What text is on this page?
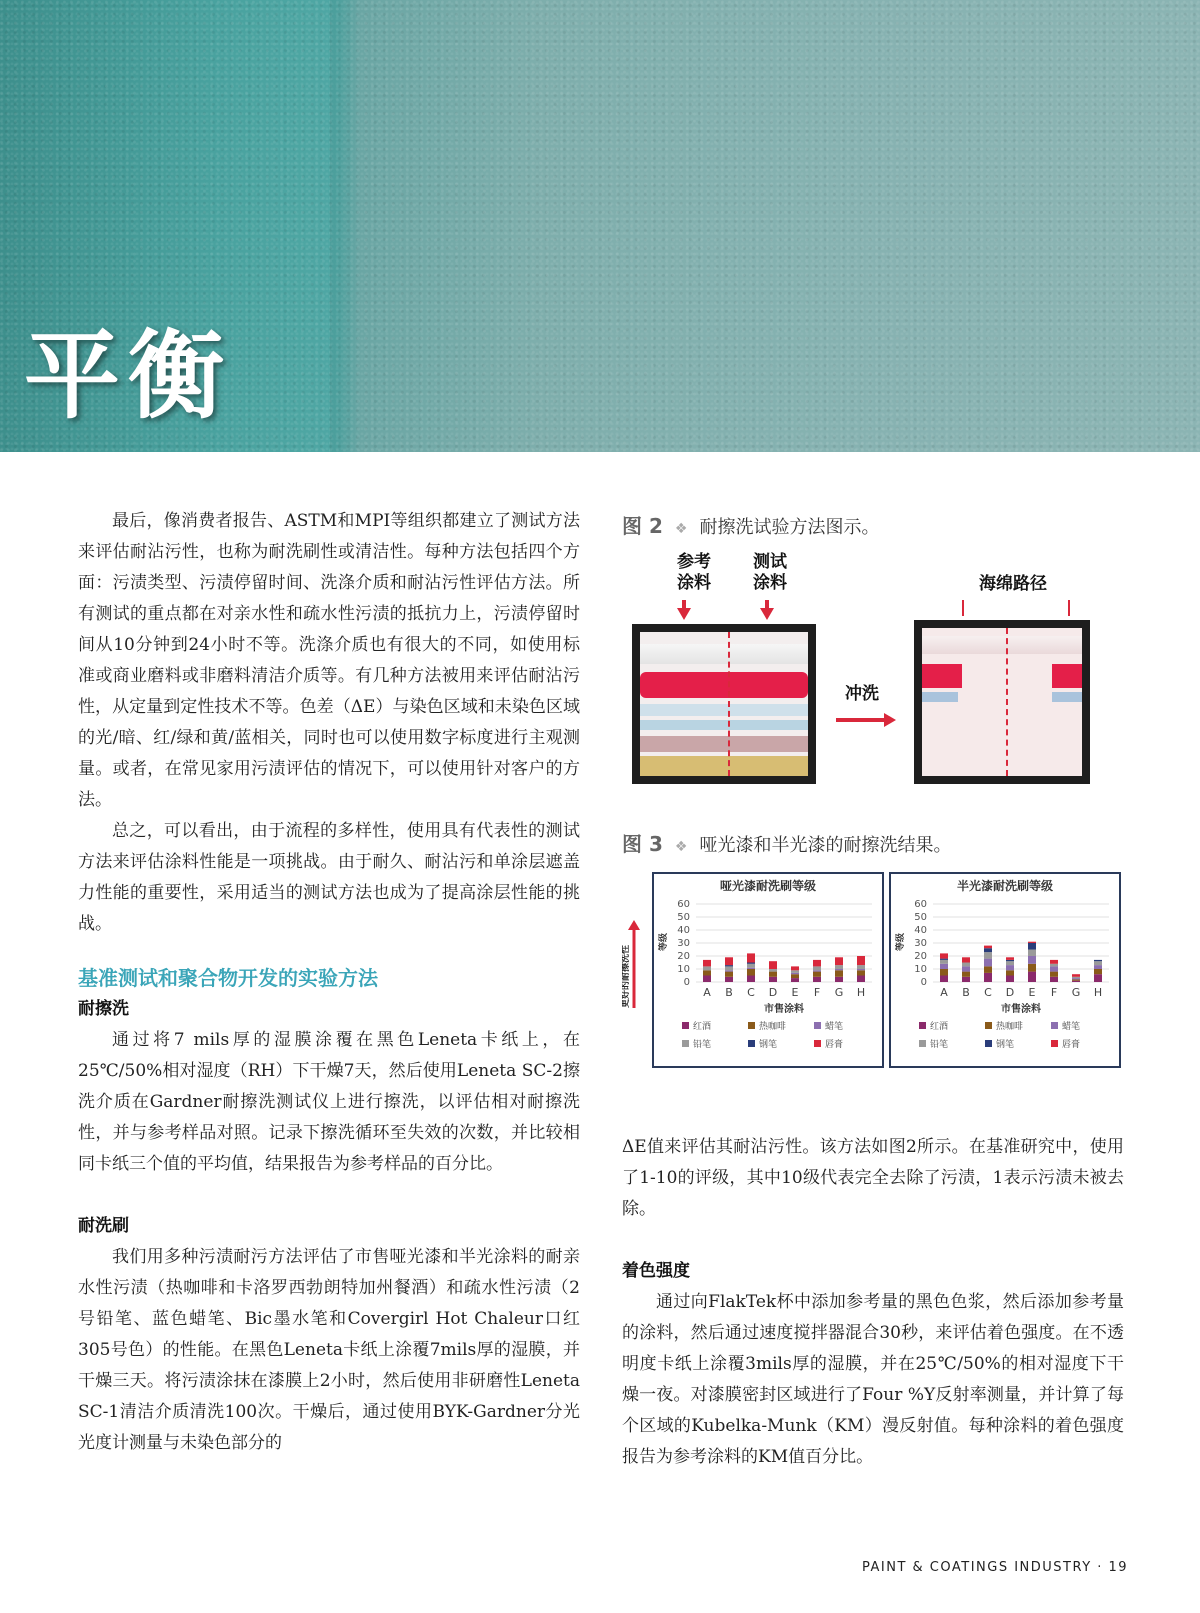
平衡

最后，像消费者报告、ASTM和MPI等组织都建立了测试方法来评估耐沾污性，也称为耐洗刷性或清洁性。每种方法包括四个方面：污渍类型、污渍停留时间、洗涤介质和耐沾污性评估方法。所有测试的重点都在对亲水性和疏水性污渍的抵抗力上，污渍停留时间从10分钟到24小时不等。洗涤介质也有很大的不同，如使用标准或商业磨料或非磨料清洁介质等。有几种方法被用来评估耐沾污性，从定量到定性技术不等。色差（ΔE）与染色区域和未染色区域的光/暗、红/绿和黄/蓝相关，同时也可以使用数字标度进行主观测量。或者，在常见家用污渍评估的情况下，可以使用针对客户的方法。

总之，可以看出，由于流程的多样性，使用具有代表性的测试方法来评估涂料性能是一项挑战。由于耐久、耐沾污和单涂层遮盖力性能的重要性，采用适当的测试方法也成为了提高涂层性能的挑战。

基准测试和聚合物开发的实验方法
耐擦洗

通过将7 mils厚的湿膜涂覆在黑色Leneta卡纸上，在25℃/50%相对湿度（RH）下干燥7天，然后使用Leneta SC-2擦洗介质在Gardner耐擦洗测试仪上进行擦洗，以评估相对耐擦洗性，并与参考样品对照。记录下擦洗循环至失效的次数，并比较相同卡纸三个值的平均值，结果报告为参考样品的百分比。

耐洗刷

我们用多种污渍耐污方法评估了市售哑光漆和半光涂料的耐亲水性污渍（热咖啡和卡洛罗西勃朗特加州餐酒）和疏水性污渍（2号铅笔、蓝色蜡笔、Bic墨水笔和Covergirl Hot Chaleur口红305号色）的性能。在黑色Leneta卡纸上涂覆7mils厚的湿膜，并干燥三天。将污渍涂抹在漆膜上2小时，然后使用非研磨性Leneta SC-1清洁介质清洗100次。干燥后，通过使用BYK-Gardner分光光度计测量与未染色部分的

图 2 ❖ 耐擦洗试验方法图示。
参考
涂料
测试
涂料
冲洗
海绵路径
图 3 ❖ 哑光漆和半光漆的耐擦洗结果。
更好的耐擦洗性
哑光漆耐洗刷等级
0
10
20
30
40
50
60
等级
A B C D E F G H
市售涂料
红酒	热咖啡	蜡笔
铅笔	钢笔	唇膏
半光漆耐洗刷等级
0
10
20
30
40
50
60
等级
A B C D E F G H
市售涂料
红酒	热咖啡	蜡笔
铅笔	钢笔	唇膏

ΔE值来评估其耐沾污性。该方法如图2所示。在基准研究中，使用了1-10的评级，其中10级代表完全去除了污渍，1表示污渍未被去除。

着色强度

通过向FlakTek杯中添加参考量的黑色色浆，然后添加参考量的涂料，然后通过速度搅拌器混合30秒，来评估着色强度。在不透明度卡纸上涂覆3mils厚的湿膜，并在25℃/50%的相对湿度下干燥一夜。对漆膜密封区域进行了Four %Y反射率测量，并计算了每个区域的Kubelka-Munk（KM）漫反射值。每种涂料的着色强度报告为参考涂料的KM值百分比。

PAINT & COATINGS INDUSTRY · 19
